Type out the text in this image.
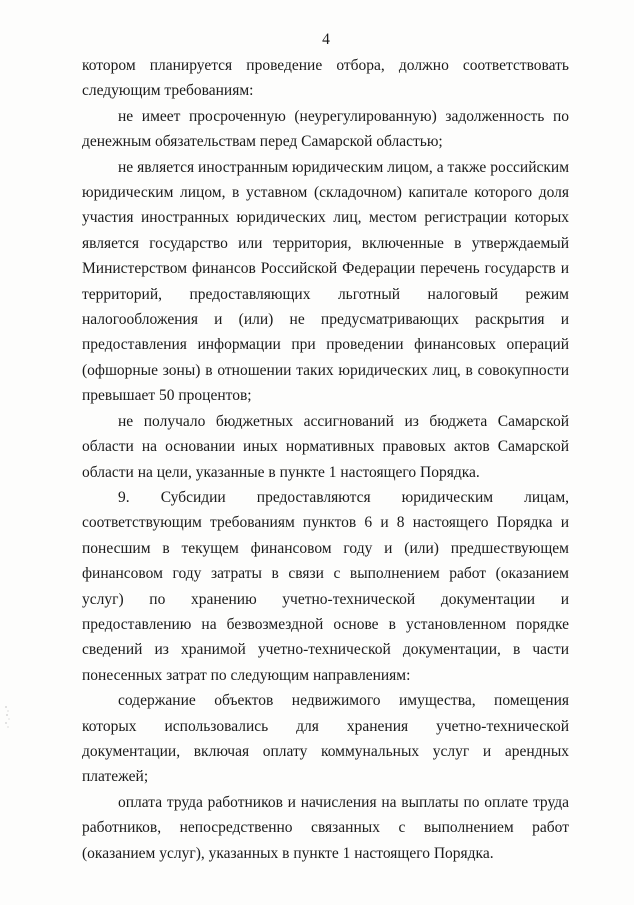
4

котором планируется проведение отбора, должно соответствовать следующим требованиям:

не имеет просроченную (неурегулированную) задолженность по денежным обязательствам перед Самарской областью;

не является иностранным юридическим лицом, а также российским юридическим лицом, в уставном (складочном) капитале которого доля участия иностранных юридических лиц, местом регистрации которых является государство или территория, включенные в утверждаемый Министерством финансов Российской Федерации перечень государств и территорий, предоставляющих льготный налоговый режим налогообложения и (или) не предусматривающих раскрытия и предоставления информации при проведении финансовых операций (офшорные зоны) в отношении таких юридических лиц, в совокупности превышает 50 процентов;

не получало бюджетных ассигнований из бюджета Самарской области на основании иных нормативных правовых актов Самарской области на цели, указанные в пункте 1 настоящего Порядка.

9. Субсидии предоставляются юридическим лицам, соответствующим требованиям пунктов 6 и 8 настоящего Порядка и понесшим в текущем финансовом году и (или) предшествующем финансовом году затраты в связи с выполнением работ (оказанием услуг) по хранению учетно-технической документации и предоставлению на безвозмездной основе в установленном порядке сведений из хранимой учетно-технической документации, в части понесенных затрат по следующим направлениям:

содержание объектов недвижимого имущества, помещения которых использовались для хранения учетно-технической документации, включая оплату коммунальных услуг и арендных платежей;

оплата труда работников и начисления на выплаты по оплате труда работников, непосредственно связанных с выполнением работ (оказанием услуг), указанных в пункте 1 настоящего Порядка.
